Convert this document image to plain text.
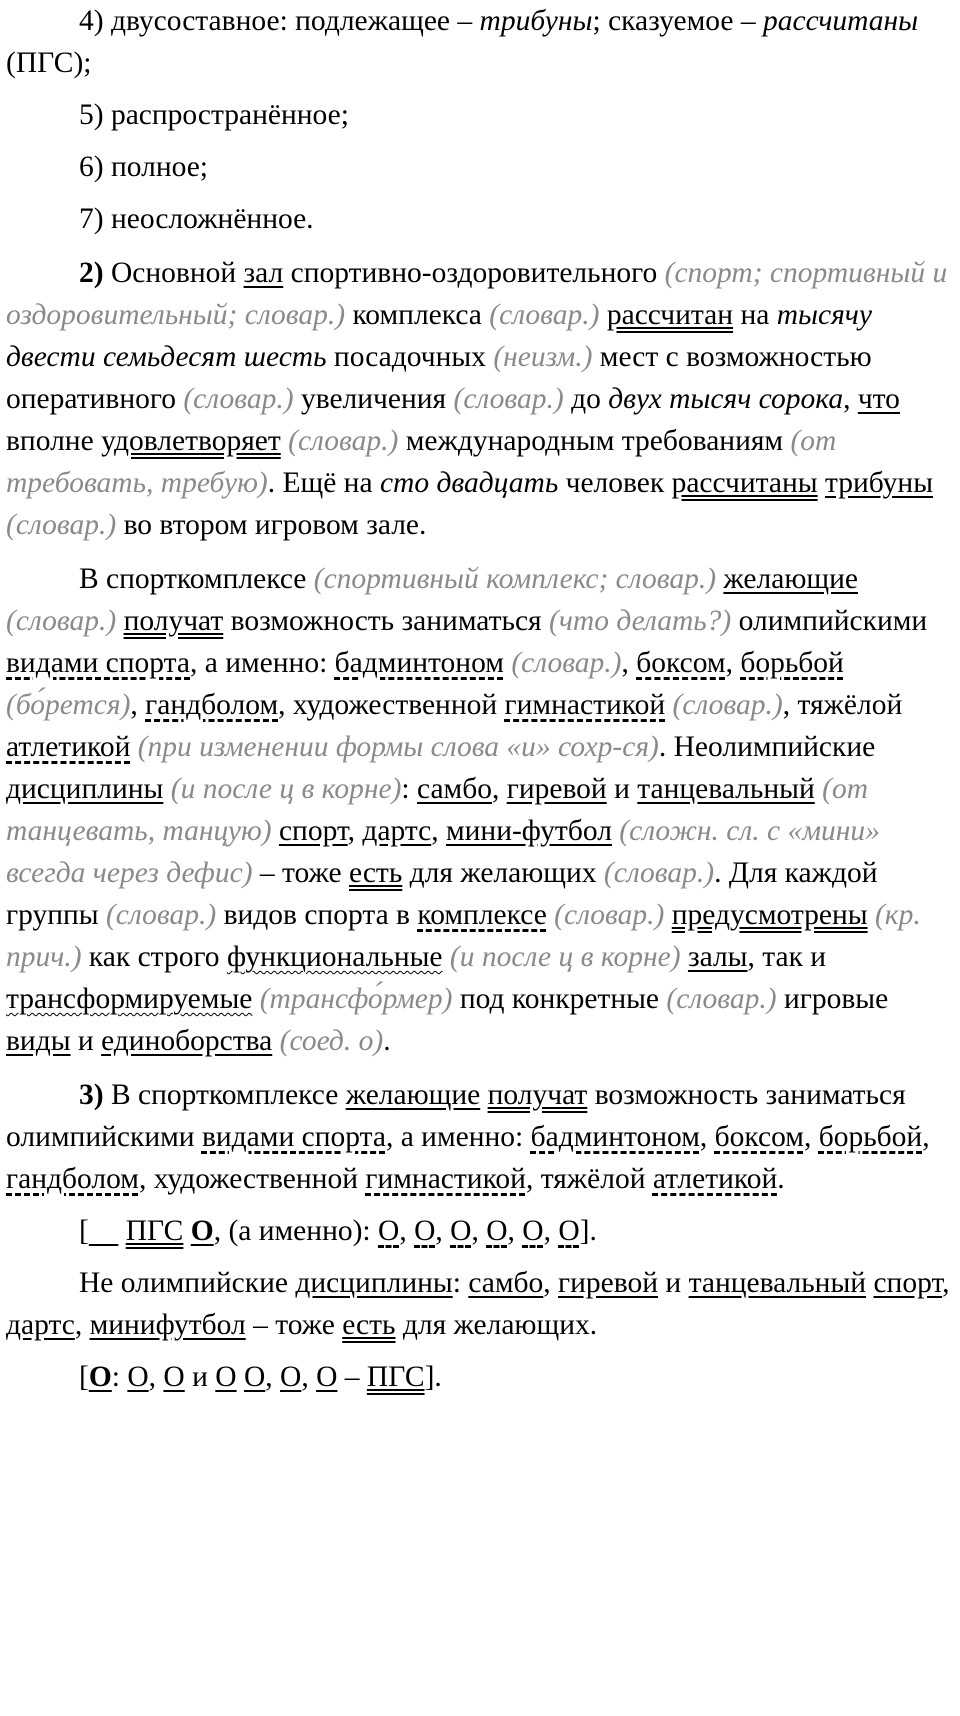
4) двусоставное: подлежащее – трибуны; сказуемое – рассчитаны (ПГС);

5) распространённое;

6) полное;

7) неосложнённое.

2) Основной зал спортивно-оздоровительного (спорт; спортивный и оздоровительный; словар.) комплекса (словар.) рассчитан на тысячу двести семьдесят шесть посадочных (неизм.) мест с возможностью оперативного (словар.) увеличения (словар.) до двух тысяч сорока, что вполне удовлетворяет (словар.) международным требованиям (от требовать, требую). Ещё на сто двадцать человек рассчитаны трибуны (словар.) во втором игровом зале.

В спорткомплексе (спортивный комплекс; словар.) желающие (словар.) получат возможность заниматься (что делать?) олимпийскими видами спорта, а именно: бадминтоном (словар.), боксом, борьбой (бо́рется), гандболом, художественной гимнастикой (словар.), тяжёлой атлетикой (при изменении формы слова «и» сохр-ся). Неолимпийские дисциплины (и после ц в корне): самбо, гиревой и танцевальный (от танцевать, танцую) спорт, дартс, мини-футбол (сложн. сл. с «мини» всегда через дефис) – тоже есть для желающих (словар.). Для каждой группы (словар.) видов спорта в комплексе (словар.) предусмотрены (кр. прич.) как строго функциональные (и после ц в корне) залы, так и трансформируемые (трансфо́рмер) под конкретные (словар.) игровые виды и единоборства (соед. о).

3) В спорткомплексе желающие получат возможность заниматься олимпийскими видами спорта, а именно: бадминтоном, боксом, борьбой, гандболом, художественной гимнастикой, тяжёлой атлетикой.

[ ПГС О, (а именно): О, О, О, О, О, О].

Не олимпийские дисциплины: самбо, гиревой и танцевальный спорт, дартс, минифутбол – тоже есть для желающих.

[О: О, О и О О, О, О – ПГС].
